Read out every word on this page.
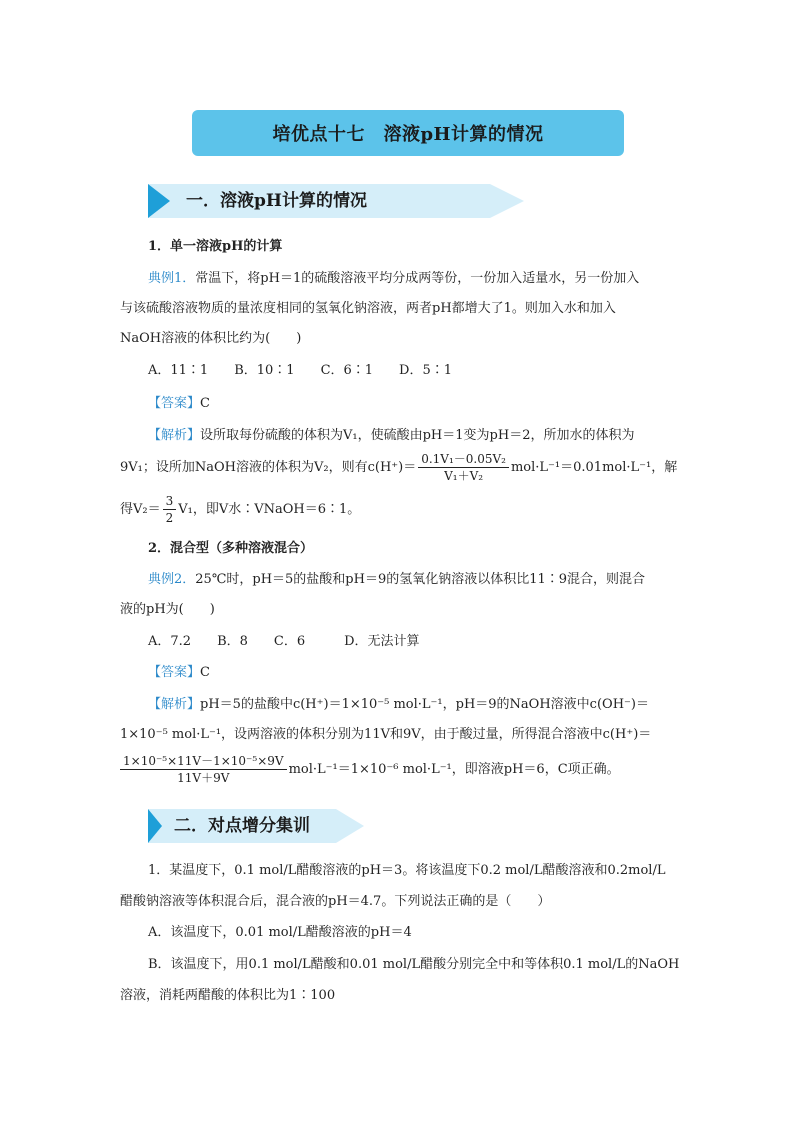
培优点十七　溶液pH计算的情况
一．溶液pH计算的情况
1．单一溶液pH的计算
典例1．常温下，将pH＝1的硫酸溶液平均分成两等份，一份加入适量水，另一份加入
与该硫酸溶液物质的量浓度相同的氢氧化钠溶液，两者pH都增大了1。则加入水和加入
NaOH溶液的体积比约为(　　)
A．11∶1　　B．10∶1　　C．6∶1　　D．5∶1
【答案】C
【解析】设所取每份硫酸的体积为V₁，使硫酸由pH＝1变为pH＝2，所加水的体积为
9V₁；设所加NaOH溶液的体积为V₂，则有$c(H^+)= \frac{\text{0.1V₁－0.05V₂}}{\text{V₁＋V₂}} mol\cdot L^{-1}=0.01mol\cdot L^{-1}$，解
得$V_2= \frac{3}{2} V_1$，即V水∶VNaOH＝6∶1。
2．混合型（多种溶液混合）
典例2．25℃时，pH＝5的盐酸和pH＝9的氢氧化钠溶液以体积比11∶9混合，则混合
液的pH为(　　)
A．7.2　　B．8　　C．6　　　D．无法计算
【答案】C
【解析】pH＝5的盐酸中c(H⁺)＝1×10⁻⁵ mol·L⁻¹，pH＝9的NaOH溶液中c(OH⁻)＝
1×10⁻⁵ mol·L⁻¹，设两溶液的体积分别为11V和9V，由于酸过量，所得混合溶液中c(H⁺)＝
$\frac{\text{1×10⁻⁵×11V－1×10⁻⁵×9V}}{11V+9V} mol\cdot L^{-1}=1\times 10^{-6}$ mol·L⁻¹，即溶液pH＝6，C项正确。
二．对点增分集训
1．某温度下，0.1 mol/L醋酸溶液的pH＝3。将该温度下0.2 mol/L醋酸溶液和0.2mol/L
醋酸钠溶液等体积混合后，混合液的pH＝4.7。下列说法正确的是（　　）
A．该温度下，0.01 mol/L醋酸溶液的pH＝4
B．该温度下，用0.1 mol/L醋酸和0.01 mol/L醋酸分别完全中和等体积0.1 mol/L的NaOH
溶液，消耗两醋酸的体积比为1∶100
